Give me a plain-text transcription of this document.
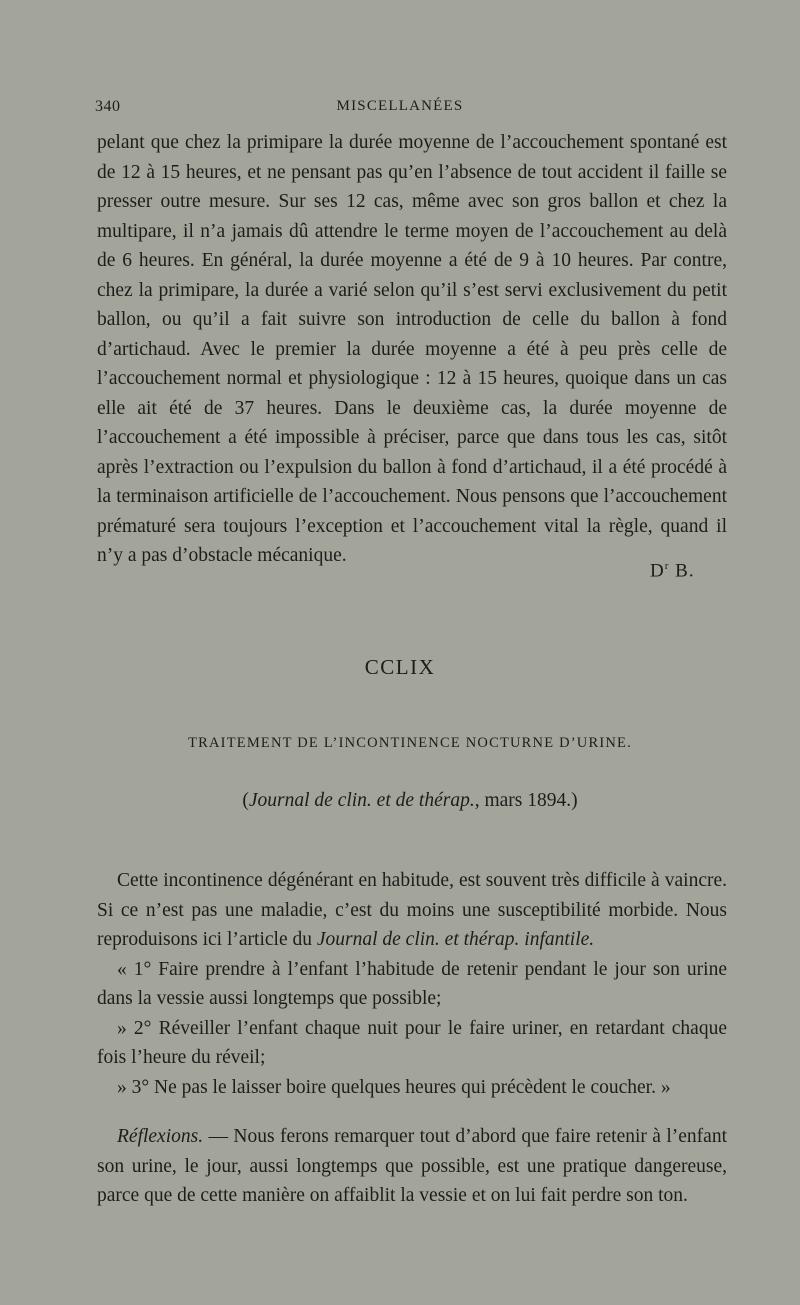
340	MISCELLANÉES

pelant que chez la primipare la durée moyenne de l’accouchement spontané est de 12 à 15 heures, et ne pensant pas qu’en l’absence de tout accident il faille se presser outre mesure. Sur ses 12 cas, même avec son gros ballon et chez la multipare, il n’a jamais dû attendre le terme moyen de l’accouchement au delà de 6 heures. En général, la durée moyenne a été de 9 à 10 heures. Par contre, chez la primipare, la durée a varié selon qu’il s’est servi exclusivement du petit ballon, ou qu’il a fait suivre son introduction de celle du ballon à fond d’artichaud. Avec le premier la durée moyenne a été à peu près celle de l’accouchement normal et physiologique : 12 à 15 heures, quoique dans un cas elle ait été de 37 heures. Dans le deuxième cas, la durée moyenne de l’accouchement a été impossible à préciser, parce que dans tous les cas, sitôt après l’extraction ou l’expulsion du ballon à fond d’artichaud, il a été procédé à la terminaison artificielle de l’accouchement. Nous pensons que l’accouchement prématuré sera toujours l’exception et l’accouchement vital la règle, quand il n’y a pas d’obstacle mécanique.

$D^r$ B.
CCLIX
TRAITEMENT DE L’INCONTINENCE NOCTURNE D’URINE.
(Journal de clin. et de thérap., mars 1894.)

Cette incontinence dégénérant en habitude, est souvent très difficile à vaincre. Si ce n’est pas une maladie, c’est du moins une susceptibilité morbide. Nous reproduisons ici l’article du Journal de clin. et thérap. infantile.

« 1° Faire prendre à l’enfant l’habitude de retenir pendant le jour son urine dans la vessie aussi longtemps que possible;

» 2° Réveiller l’enfant chaque nuit pour le faire uriner, en retardant chaque fois l’heure du réveil;

» 3° Ne pas le laisser boire quelques heures qui précèdent le coucher. »

Réflexions. — Nous ferons remarquer tout d’abord que faire retenir à l’enfant son urine, le jour, aussi longtemps que possible, est une pratique dangereuse, parce que de cette manière on affaiblit la vessie et on lui fait perdre son ton.
